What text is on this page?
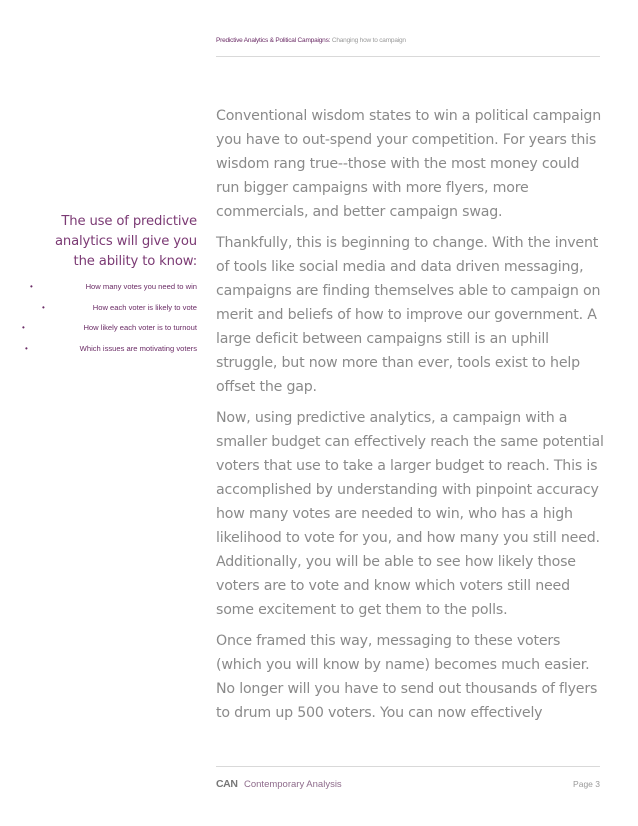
Predictive Analytics & Political Campaigns: Changing how to campaign

The use of predictive analytics will give you the ability to know:

•	How many votes you need to win
•	How each voter is likely to vote
•	How likely each voter is to turnout
•	Which issues are motivating voters

Conventional wisdom states to win a political campaign you have to out-spend your competition. For years this wisdom rang true--those with the most money could run bigger campaigns with more flyers, more commercials, and better campaign swag.

Thankfully, this is beginning to change. With the invent of tools like social media and data driven messaging, campaigns are finding themselves able to campaign on merit and beliefs of how to improve our government. A large deficit between campaigns still is an uphill struggle, but now more than ever, tools exist to help offset the gap.

Now, using predictive analytics, a campaign with a smaller budget can effectively reach the same potential voters that use to take a larger budget to reach. This is accomplished by understanding with pinpoint accuracy how many votes are needed to win, who has a high likelihood to vote for you, and how many you still need. Additionally, you will be able to see how likely those voters are to vote and know which voters still need some excitement to get them to the polls.

Once framed this way, messaging to these voters (which you will know by name) becomes much easier. No longer will you have to send out thousands of flyers to drum up 500 voters. You can now effectively

CAN Contemporary Analysis	Page 3
